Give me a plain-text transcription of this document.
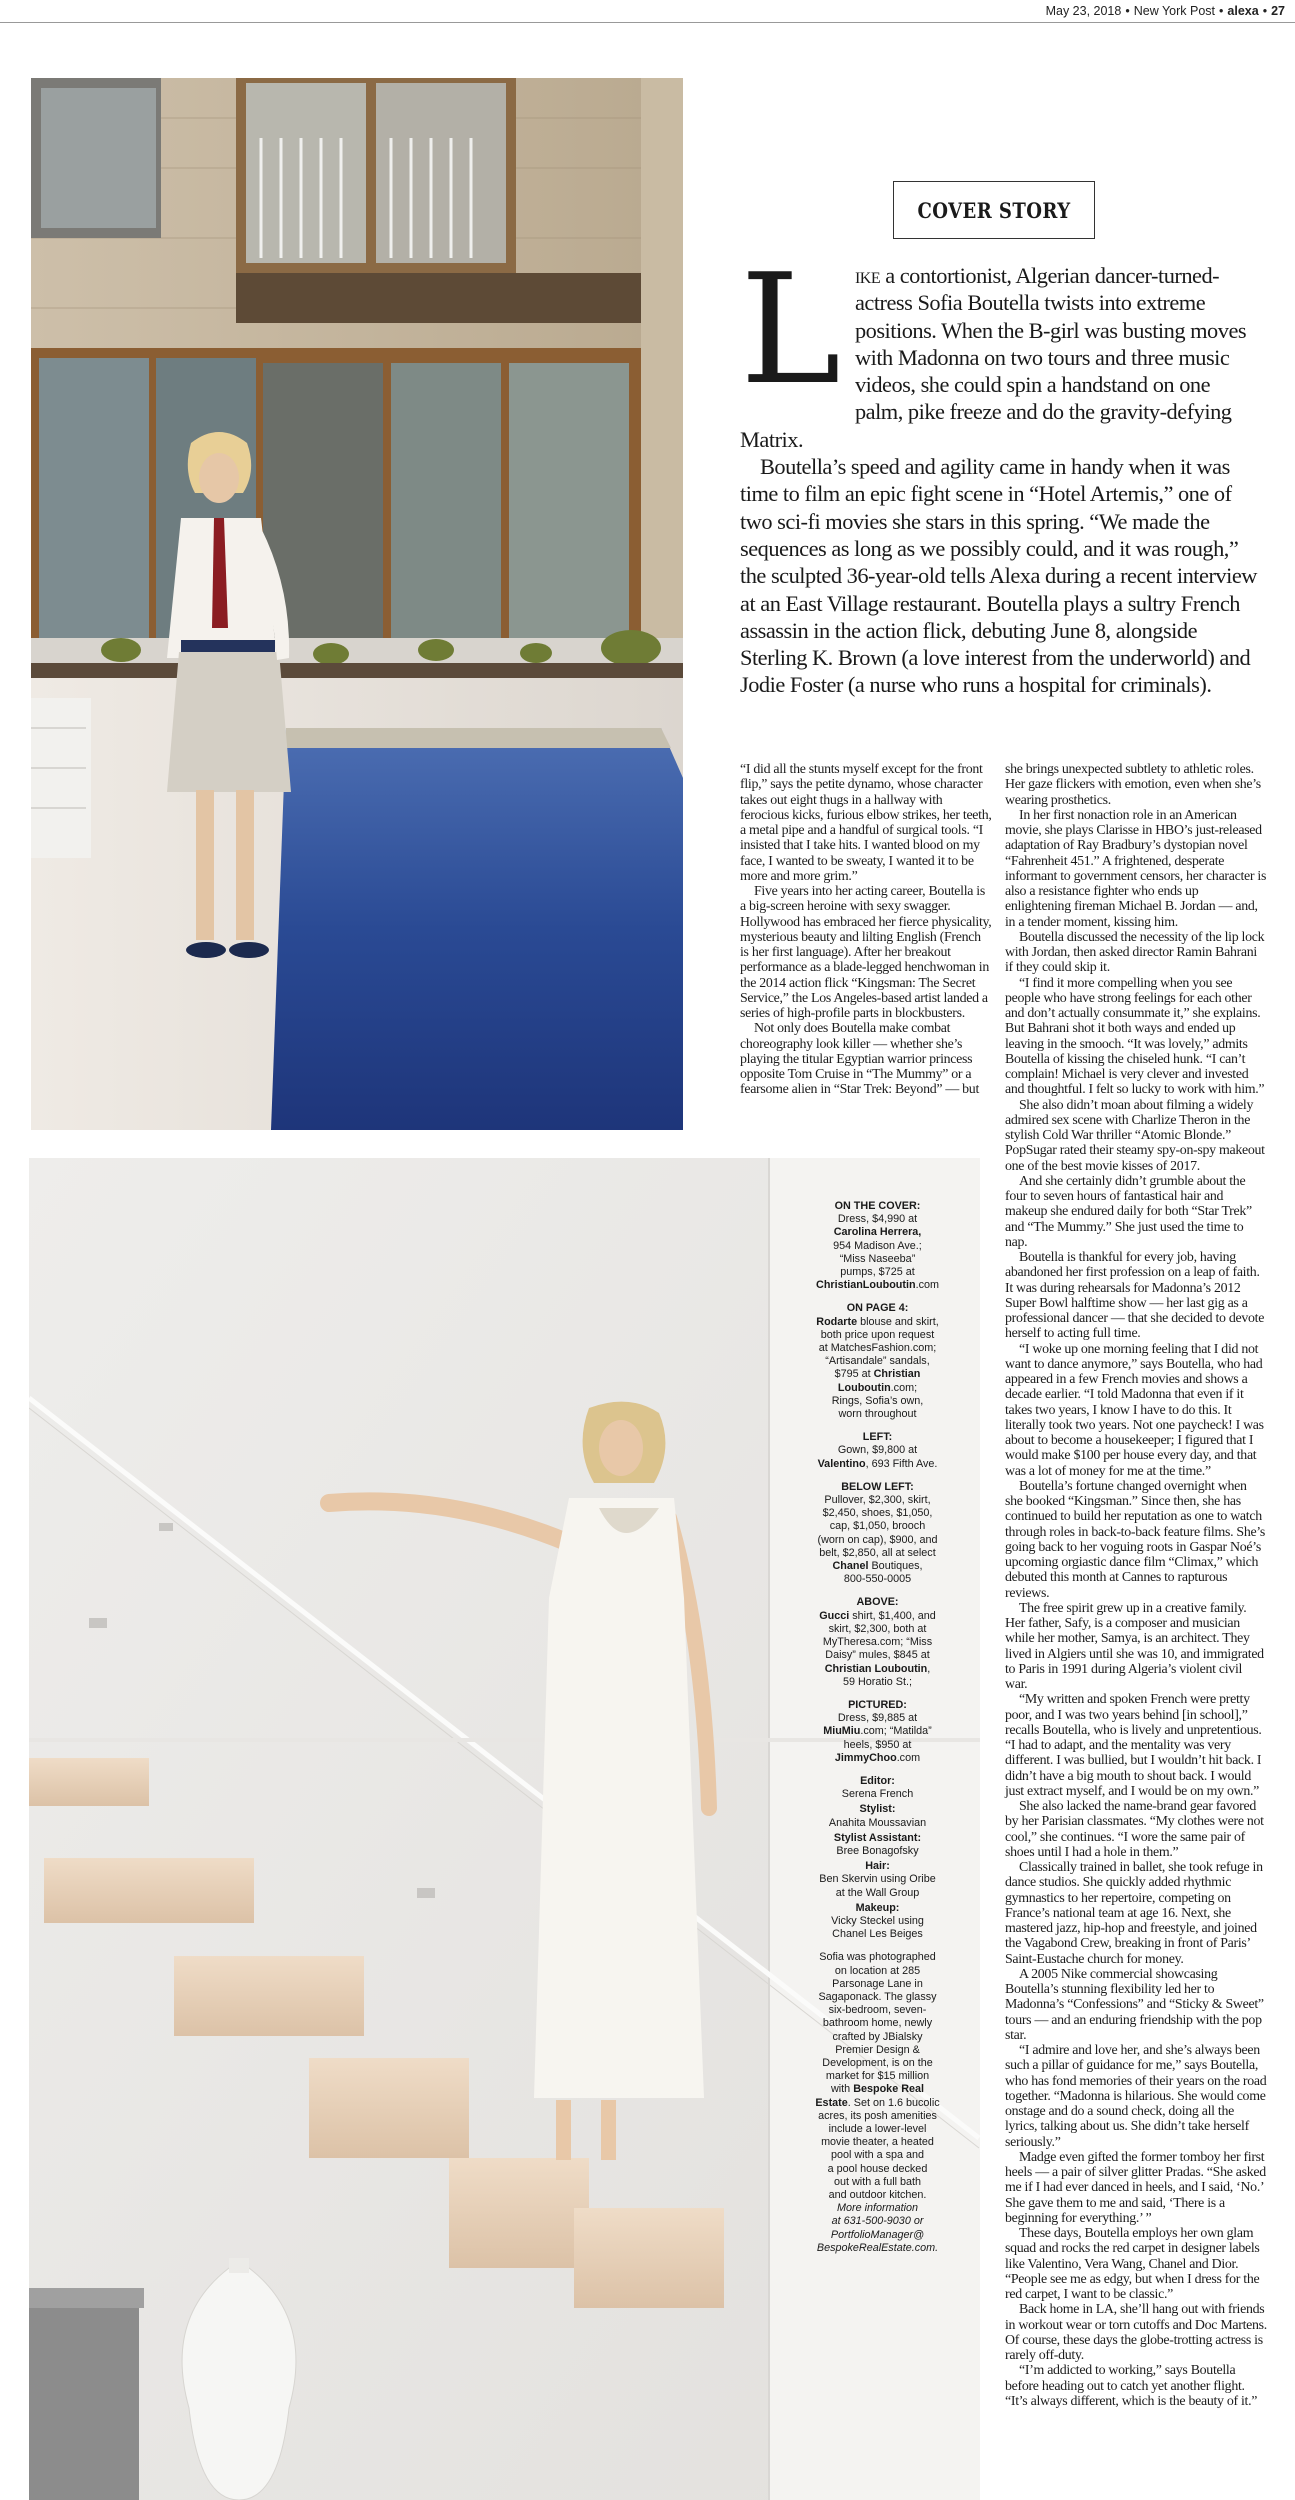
May 23, 2018 • New York Post • alexa • 27
COVER STORY
L ike a contortionist, Algerian dancer-turned-actress Sofia Boutella twists into extreme positions. When the B-girl was busting moves with Madonna on two tours and three music videos, she could spin a handstand on one palm, pike freeze and do the gravity-defying Matrix.

Boutella’s speed and agility came in handy when it was time to film an epic fight scene in “Hotel Artemis,” one of two sci-fi movies she stars in this spring. “We made the sequences as long as we possibly could, and it was rough,” the sculpted 36-year-old tells Alexa during a recent interview at an East Village restaurant. Boutella plays a sultry French assassin in the action flick, debuting June 8, alongside Sterling K. Brown (a love interest from the underworld) and Jodie Foster (a nurse who runs a hospital for criminals).

“I did all the stunts myself except for the front flip,” says the petite dynamo, whose character takes out eight thugs in a hallway with ferocious kicks, furious elbow strikes, her teeth, a metal pipe and a handful of surgical tools. “I insisted that I take hits. I wanted blood on my face, I wanted to be sweaty, I wanted it to be more and more grim.”

Five years into her acting career, Boutella is a big-screen heroine with sexy swagger. Hollywood has embraced her fierce physicality, mysterious beauty and lilting English (French is her first language). After her breakout performance as a blade-legged henchwoman in the 2014 action flick “Kingsman: The Secret Service,” the Los Angeles-based artist landed a series of high-profile parts in blockbusters.

Not only does Boutella make combat choreography look killer — whether she’s playing the titular Egyptian warrior princess opposite Tom Cruise in “The Mummy” or a fearsome alien in “Star Trek: Beyond” — but

ON THE COVER:
Dress, $4,990 at
Carolina Herrera,
954 Madison Ave.;
“Miss Naseeba”
pumps, $725 at
ChristianLouboutin.com
ON PAGE 4:
Rodarte blouse and skirt,
both price upon request
at MatchesFashion.com;
“Artisandale” sandals,
$795 at Christian
Louboutin.com;
Rings, Sofia’s own,
worn throughout
LEFT:
Gown, $9,800 at
Valentino, 693 Fifth Ave.
BELOW LEFT:
Pullover, $2,300, skirt,
$2,450, shoes, $1,050,
cap, $1,050, brooch
(worn on cap), $900, and
belt, $2,850, all at select
Chanel Boutiques,
800-550-0005
ABOVE:
Gucci shirt, $1,400, and
skirt, $2,300, both at
MyTheresa.com; “Miss
Daisy” mules, $845 at
Christian Louboutin,
59 Horatio St.;
PICTURED:
Dress, $9,885 at
MiuMiu.com; “Matilda”
heels, $950 at
JimmyChoo.com
Editor:
Serena French
Stylist:
Anahita Moussavian
Stylist Assistant:
Bree Bonagofsky
Hair:
Ben Skervin using Oribe
at the Wall Group
Makeup:
Vicky Steckel using
Chanel Les Beiges
Sofia was photographed
on location at 285
Parsonage Lane in
Sagaponack. The glassy
six-bedroom, seven-
bathroom home, newly
crafted by JBialsky
Premier Design &
Development, is on the
market for $15 million
with Bespoke Real
Estate. Set on 1.6 bucolic
acres, its posh amenities
include a lower-level
movie theater, a heated
pool with a spa and
a pool house decked
out with a full bath
and outdoor kitchen.
More information
at 631-500-9030 or
PortfolioManager@
BespokeRealEstate.com.

she brings unexpected subtlety to athletic roles. Her gaze flickers with emotion, even when she’s wearing prosthetics.

In her first nonaction role in an American movie, she plays Clarisse in HBO’s just-released adaptation of Ray Bradbury’s dystopian novel “Fahrenheit 451.” A frightened, desperate informant to government censors, her character is also a resistance fighter who ends up enlightening fireman Michael B. Jordan — and, in a tender moment, kissing him.

Boutella discussed the necessity of the lip lock with Jordan, then asked director Ramin Bahrani if they could skip it.

“I find it more compelling when you see people who have strong feelings for each other and don’t actually consummate it,” she explains. But Bahrani shot it both ways and ended up leaving in the smooch. “It was lovely,” admits Boutella of kissing the chiseled hunk. “I can’t complain! Michael is very clever and invested and thoughtful. I felt so lucky to work with him.”

She also didn’t moan about filming a widely admired sex scene with Charlize Theron in the stylish Cold War thriller “Atomic Blonde.” PopSugar rated their steamy spy-on-spy makeout one of the best movie kisses of 2017.

And she certainly didn’t grumble about the four to seven hours of fantastical hair and makeup she endured daily for both “Star Trek” and “The Mummy.” She just used the time to nap.

Boutella is thankful for every job, having abandoned her first profession on a leap of faith. It was during rehearsals for Madonna’s 2012 Super Bowl halftime show — her last gig as a professional dancer — that she decided to devote herself to acting full time.

“I woke up one morning feeling that I did not want to dance anymore,” says Boutella, who had appeared in a few French movies and shows a decade earlier. “I told Madonna that even if it takes two years, I know I have to do this. It literally took two years. Not one paycheck! I was about to become a housekeeper; I figured that I would make $100 per house every day, and that was a lot of money for me at the time.”

Boutella’s fortune changed overnight when she booked “Kingsman.” Since then, she has continued to build her reputation as one to watch through roles in back-to-back feature films. She’s going back to her voguing roots in Gaspar Noé’s upcoming orgiastic dance film “Climax,” which debuted this month at Cannes to rapturous reviews.

The free spirit grew up in a creative family. Her father, Safy, is a composer and musician while her mother, Samya, is an architect. They lived in Algiers until she was 10, and immigrated to Paris in 1991 during Algeria’s violent civil war.

“My written and spoken French were pretty poor, and I was two years behind [in school],” recalls Boutella, who is lively and unpretentious. “I had to adapt, and the mentality was very different. I was bullied, but I wouldn’t hit back. I didn’t have a big mouth to shout back. I would just extract myself, and I would be on my own.”

She also lacked the name-brand gear favored by her Parisian classmates. “My clothes were not cool,” she continues. “I wore the same pair of shoes until I had a hole in them.”

Classically trained in ballet, she took refuge in dance studios. She quickly added rhythmic gymnastics to her repertoire, competing on France’s national team at age 16. Next, she mastered jazz, hip-hop and freestyle, and joined the Vagabond Crew, breaking in front of Paris’ Saint-Eustache church for money.

A 2005 Nike commercial showcasing Boutella’s stunning flexibility led her to Madonna’s “Confessions” and “Sticky & Sweet” tours — and an enduring friendship with the pop star.

“I admire and love her, and she’s always been such a pillar of guidance for me,” says Boutella, who has fond memories of their years on the road together. “Madonna is hilarious. She would come onstage and do a sound check, doing all the lyrics, talking about us. She didn’t take herself seriously.”

Madge even gifted the former tomboy her first heels — a pair of silver glitter Pradas. “She asked me if I had ever danced in heels, and I said, ‘No.’ She gave them to me and said, ‘There is a beginning for everything.’ ”

These days, Boutella employs her own glam squad and rocks the red carpet in designer labels like Valentino, Vera Wang, Chanel and Dior. “People see me as edgy, but when I dress for the red carpet, I want to be classic.”

Back home in LA, she’ll hang out with friends in workout wear or torn cutoffs and Doc Martens. Of course, these days the globe-trotting actress is rarely off-duty.

“I’m addicted to working,” says Boutella before heading out to catch yet another flight. “It’s always different, which is the beauty of it.”
